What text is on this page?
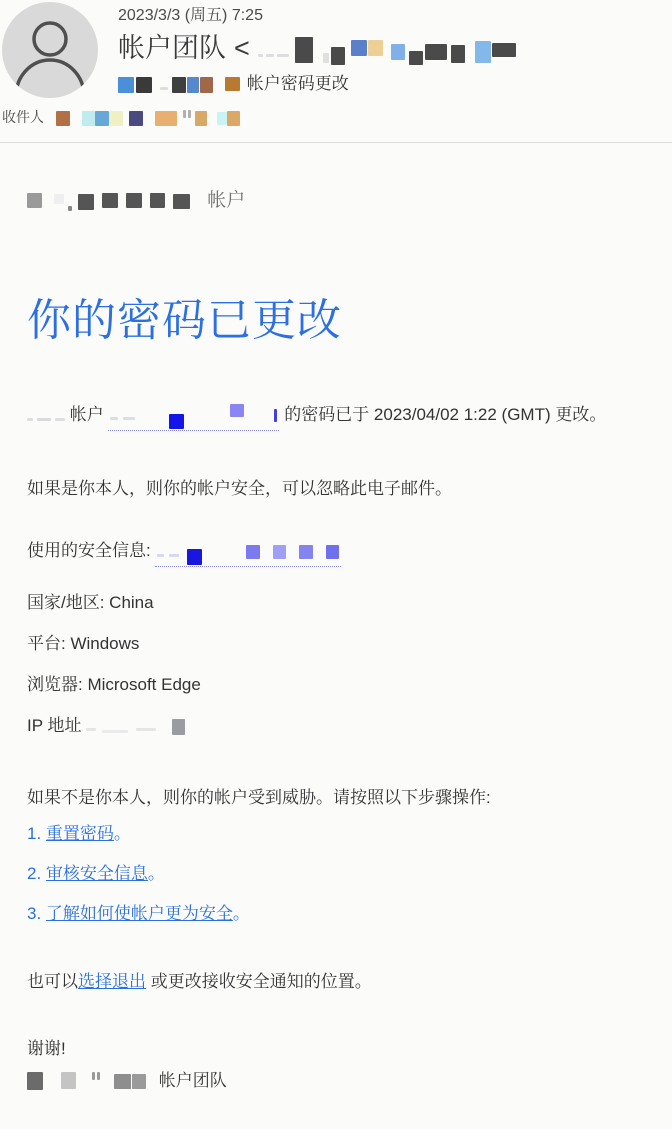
2023/3/3 (周五) 7:25
帐户团队 <
帐户密码更改
收件人
帐户
你的密码已更改

帐户	的密码已于 2023/04/02 1:22 (GMT) 更改。

如果是你本人，则你的帐户安全，可以忽略此电子邮件。

使用的安全信息:

国家/地区: China

平台: Windows

浏览器: Microsoft Edge

IP 地址

如果不是你本人，则你的帐户受到威胁。请按照以下步骤操作:

1. 重置密码。

2. 审核安全信息。

3. 了解如何使帐户更为安全。

也可以选择退出 或更改接收安全通知的位置。

谢谢!

帐户团队
